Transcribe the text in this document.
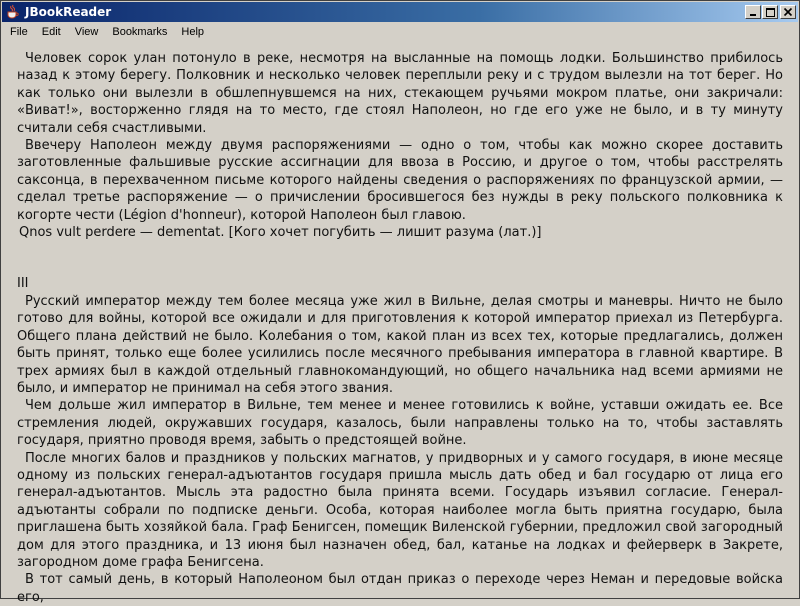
JBookReader
File	Edit	View	Bookmarks	Help

Человек сорок улан потонуло в реке, несмотря на высланные на помощь лодки. Большинство прибилось назад к этому берегу. Полковник и несколько человек переплыли реку и с трудом вылезли на тот берег. Но как только они вылезли в обшлепнувшемся на них, стекающем ручьями мокром платье, они закричали: «Виват!», восторженно глядя на то место, где стоял Наполеон, но где его уже не было, и в ту минуту считали себя счастливыми.

Ввечеру Наполеон между двумя распоряжениями — одно о том, чтобы как можно скорее доставить заготовленные фальшивые русские ассигнации для ввоза в Россию, и другое о том, чтобы расстрелять саксонца, в перехваченном письме которого найдены сведения о распоряжениях по французской армии, — сделал третье распоряжение — о причислении бросившегося без нужды в реку польского полковника к когорте чести (Légion d'honneur), которой Наполеон был главою.

Qnos vult perdere — dementat. [Кого хочет погубить — лишит разума (лат.)]

III

Русский император между тем более месяца уже жил в Вильне, делая смотры и маневры. Ничто не было готово для войны, которой все ожидали и для приготовления к которой император приехал из Петербурга. Общего плана действий не было. Колебания о том, какой план из всех тех, которые предлагались, должен быть принят, только еще более усилились после месячного пребывания императора в главной квартире. В трех армиях был в каждой отдельный главнокомандующий, но общего начальника над всеми армиями не было, и император не принимал на себя этого звания.

Чем дольше жил император в Вильне, тем менее и менее готовились к войне, уставши ожидать ее. Все стремления людей, окружавших государя, казалось, были направлены только на то, чтобы заставлять государя, приятно проводя время, забыть о предстоящей войне.

После многих балов и праздников у польских магнатов, у придворных и у самого государя, в июне месяце одному из польских генерал-адъютантов государя пришла мысль дать обед и бал государю от лица его генерал-адъютантов. Мысль эта радостно была принята всеми. Государь изъявил согласие. Генерал-адъютанты собрали по подписке деньги. Особа, которая наиболее могла быть приятна государю, была приглашена быть хозяйкой бала. Граф Бенигсен, помещик Виленской губернии, предложил свой загородный дом для этого праздника, и 13 июня был назначен обед, бал, катанье на лодках и фейерверк в Закрете, загородном доме графа Бенигсена.

В тот самый день, в который Наполеоном был отдан приказ о переходе через Неман и передовые войска его,
